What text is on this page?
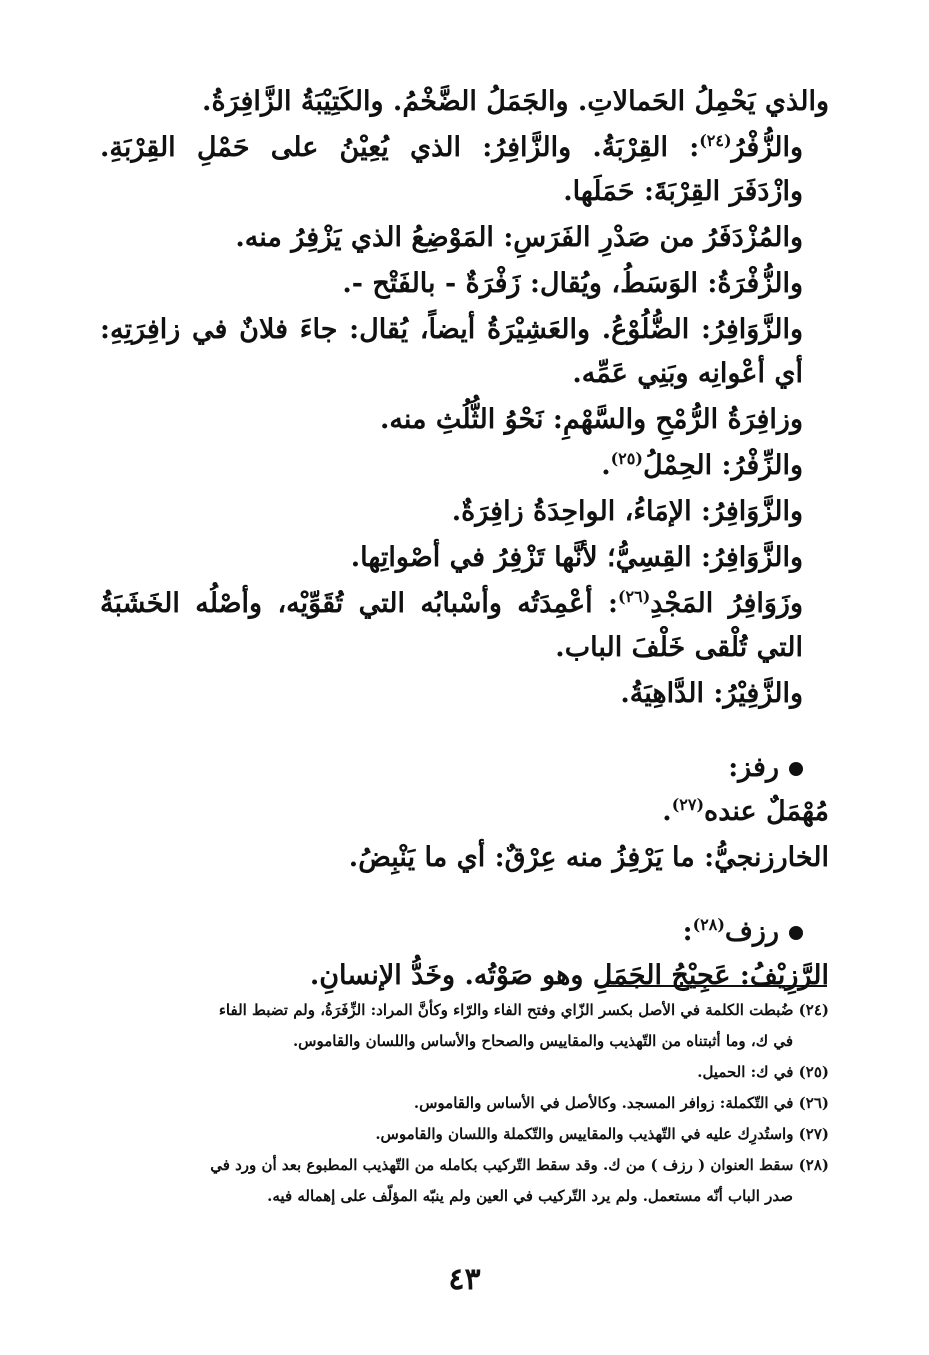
والذي يَحْمِلُ الحَمالاتِ. والجَمَلُ الضَّخْمُ. والكَتِيْبَةُ الزَّافِرَةُ.

والزُّفْرُ$^{(٢٤)}$: القِرْبَةُ. والزَّافِرُ: الذي يُعِيْنُ على حَمْلِ القِرْبَةِ. وازْدَفَرَ القِرْبَةَ: حَمَلَها.

والمُزْدَفَرُ من صَدْرِ الفَرَسِ: المَوْضِعُ الذي يَزْفِرُ منه.

والزُّفْرَةُ: الوَسَطُ، ويُقال: زَفْرَةٌ - بالفَتْح -.

والزَّوَافِرُ: الضُّلُوْعُ. والعَشِيْرَةُ أيضاً، يُقال: جاءَ فلانٌ في زافِرَتِهِ: أي أعْوانِه وبَنِي عَمِّه.

وزافِرَةُ الرُّمْحِ والسَّهْمِ: نَحْوُ الثُّلُثِ منه.

والزِّفْرُ: الحِمْلُ$^{(٢٥)}$.

والزَّوَافِرُ: الإمَاءُ، الواحِدَةُ زافِرَةٌ.

والزَّوَافِرُ: القِسِيُّ؛ لأنَّها تَزْفِرُ في أصْواتِها.

وزَوَافِرُ المَجْدِ$^{(٢٦)}$: أعْمِدَتُه وأسْبابُه التي تُقَوِّيْه، وأصْلُه الخَشَبَةُ التي تُلْقى خَلْفَ الباب.

والزَّفِيْرُ: الدَّاهِيَةُ.

رفز:

مُهْمَلٌ عنده$^{(٢٧)}$.

الخارزنجيُّ: ما يَرْفِزُ منه عِرْقٌ: أي ما يَنْبِضُ.

رزف$^{(٢٨)}$:

الرَّزِيْفُ: عَجِيْجُ الجَمَلِ وهو صَوْتُه. وخَدُّ الإنسانِ.

(٢٤) ضُبطت الكلمة في الأصل بكسر الزّاي وفتح الفاء والرّاء وكأنَّ المراد: الزِّفَرَةُ، ولم تضبط الفاء

في ك، وما أثبتناه من التّهذيب والمقاييس والصحاح والأساس واللسان والقاموس.

(٢٥) في ك: الحميل.

(٢٦) في التّكملة: زوافر المسجد. وكالأصل في الأساس والقاموس.

(٢٧) واستُدرِك عليه في التّهذيب والمقاييس والتّكملة واللسان والقاموس.

(٢٨) سقط العنوان ( رزف ) من ك. وقد سقط التّركيب بكامله من التّهذيب المطبوع بعد أن ورد في

صدر الباب أنّه مستعمل. ولم يرد التّركيب في العين ولم ينبّه المؤلّف على إهماله فيه.

٤٣
